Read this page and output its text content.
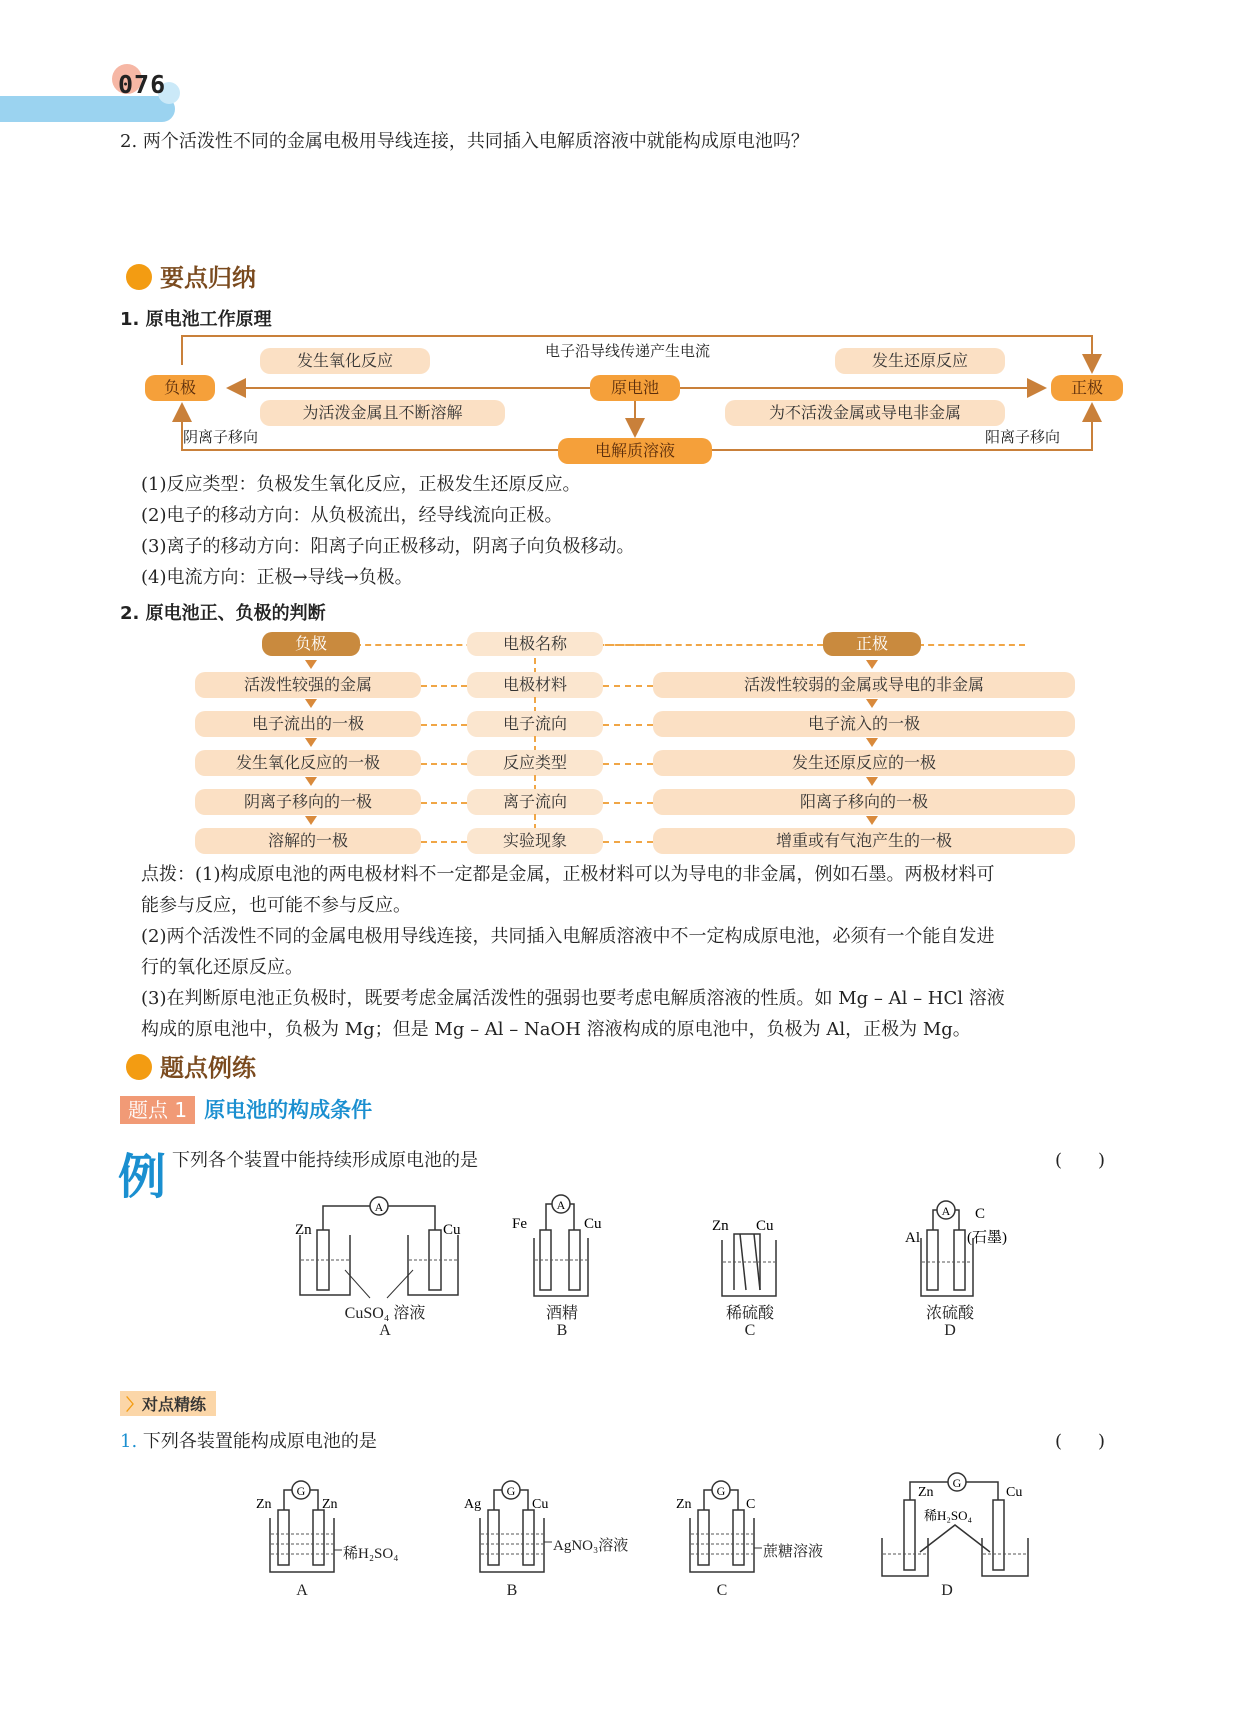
076
2. 两个活泼性不同的金属电极用导线连接，共同插入电解质溶液中就能构成原电池吗？
要点归纳
1. 原电池工作原理
负极	原电池	正极
电解质溶液
电子沿导线传递产生电流
发生氧化反应
为活泼金属且不断溶解
发生还原反应
为不活泼金属或导电非金属
阴离子移向	阳离子移向
(1)反应类型：负极发生氧化反应，正极发生还原反应。
(2)电子的移动方向：从负极流出，经导线流向正极。
(3)离子的移动方向：阳离子向正极移动，阴离子向负极移动。
(4)电流方向：正极→导线→负极。
2. 原电池正、负极的判断
负极	电极名称	正极
活泼性较强的金属	电极材料	活泼性较弱的金属或导电的非金属
电子流出的一极	电子流向	电子流入的一极
发生氧化反应的一极	反应类型	发生还原反应的一极
阴离子移向的一极	离子流向	阳离子移向的一极
溶解的一极	实验现象	增重或有气泡产生的一极
点拨：(1)构成原电池的两电极材料不一定都是金属，正极材料可以为导电的非金属，例如石墨。两极材料可
能参与反应，也可能不参与反应。
(2)两个活泼性不同的金属电极用导线连接，共同插入电解质溶液中不一定构成原电池，必须有一个能自发进
行的氧化还原反应。
(3)在判断原电池正负极时，既要考虑金属活泼性的强弱也要考虑电解质溶液的性质。如 Mg – Al – HCl 溶液
构成的原电池中，负极为 Mg；但是 Mg – Al – NaOH 溶液构成的原电池中，负极为 Al，正极为 Mg。
题点例练
题点 1 原电池的构成条件
例 下列各个装置中能持续形成原电池的是	(　　)
A
Zn	Cu
CuSO₄ 溶液
A
A
Fe	Cu
酒精
B
Zn Cu
稀硫酸
C
A
Al
C
(石墨)
浓硫酸
D
〉对点精练
1. 下列各装置能构成原电池的是	(　　)
G
Zn	Zn
稀H₂SO₄
A
G
Ag	Cu
AgNO₃溶液
B
G
Zn	C
蔗糖溶液
C
G
Zn	Cu
稀H₂SO₄
D
